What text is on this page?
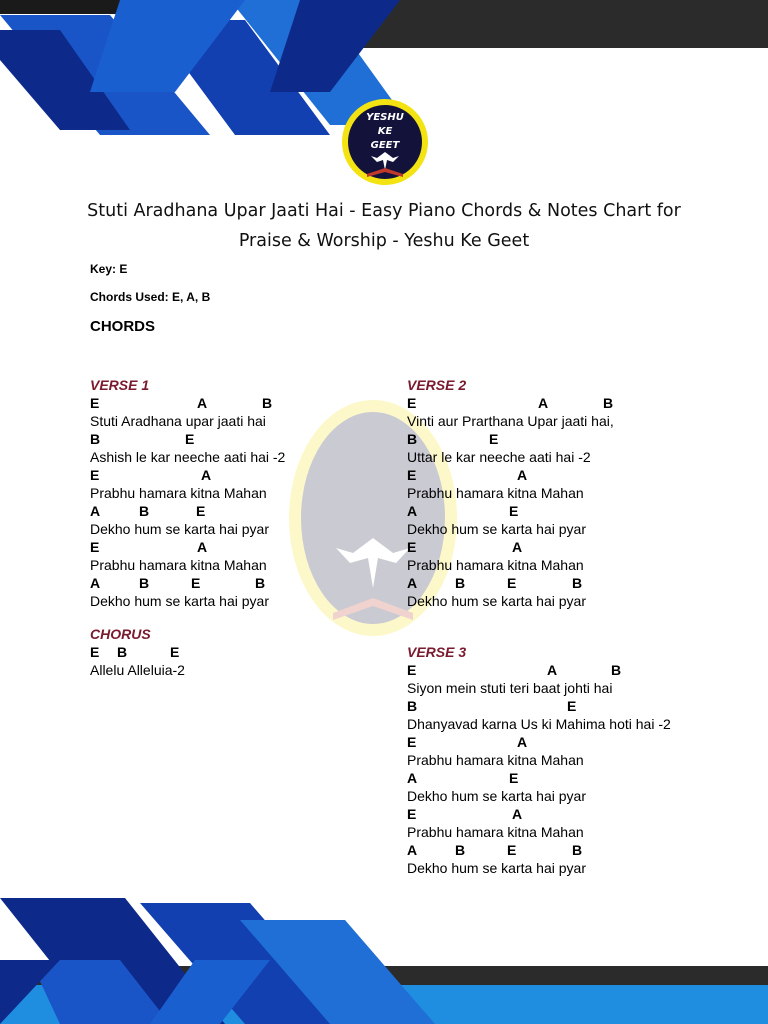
YESHU
KE
GEET
Stuti Aradhana Upar Jaati Hai - Easy Piano Chords & Notes Chart for
Praise & Worship - Yeshu Ke Geet
Key: E
Chords Used: E, A, B
CHORDS
VERSE 1
E	A	B
Stuti Aradhana upar jaati hai
B	E
Ashish le kar neeche aati hai -2
E	A
Prabhu hamara kitna Mahan
A	B	E
Dekho hum se karta hai pyar
E	A
Prabhu hamara kitna Mahan
A	B	E	B
Dekho hum se karta hai pyar
CHORUS
E B	E
Allelu Alleluia-2
VERSE 2
E	A	B
Vinti aur Prarthana Upar jaati hai,
B	E
Uttar le kar neeche aati hai -2
E	A
Prabhu hamara kitna Mahan
A	E
Dekho hum se karta hai pyar
E	A
Prabhu hamara kitna Mahan
A	B	E	B
Dekho hum se karta hai pyar
VERSE 3
E	A	B
Siyon mein stuti teri baat johti hai
B	E
Dhanyavad karna Us ki Mahima hoti hai -2
E	A
Prabhu hamara kitna Mahan
A	E
Dekho hum se karta hai pyar
E	A
Prabhu hamara kitna Mahan
A	B	E	B
Dekho hum se karta hai pyar
